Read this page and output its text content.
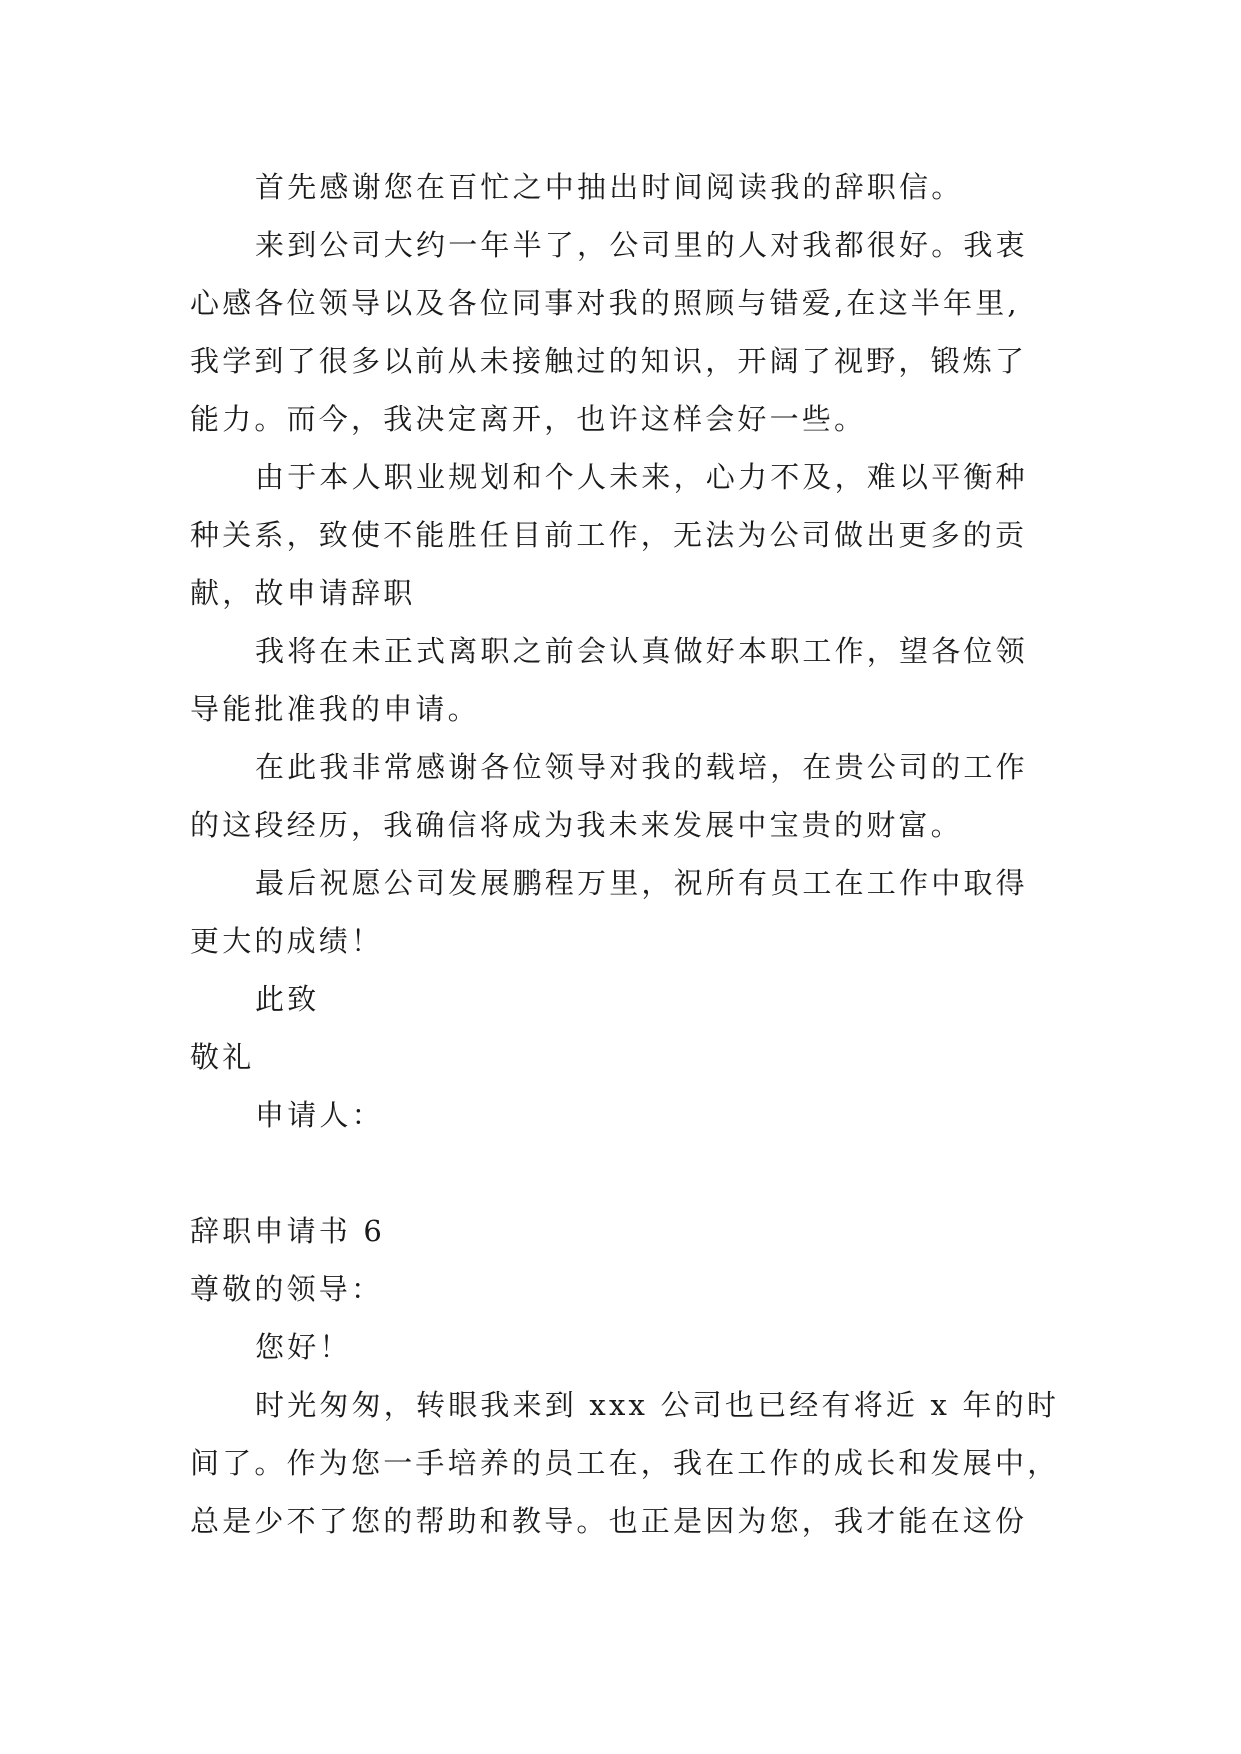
首先感谢您在百忙之中抽出时间阅读我的辞职信。
来到公司大约一年半了，公司里的人对我都很好。我衷
心感各位领导以及各位同事对我的照顾与错爱,在这半年里,
我学到了很多以前从未接触过的知识，开阔了视野，锻炼了
能力。而今，我决定离开，也许这样会好一些。
由于本人职业规划和个人未来，心力不及，难以平衡种
种关系，致使不能胜任目前工作，无法为公司做出更多的贡
献，故申请辞职
我将在未正式离职之前会认真做好本职工作，望各位领
导能批准我的申请。
在此我非常感谢各位领导对我的载培，在贵公司的工作
的这段经历，我确信将成为我未来发展中宝贵的财富。
最后祝愿公司发展鹏程万里，祝所有员工在工作中取得
更大的成绩！
此致
敬礼
申请人：
辞职申请书 6
尊敬的领导：
您好！
时光匆匆，转眼我来到 xxx 公司也已经有将近 x 年的时
间了。作为您一手培养的员工在，我在工作的成长和发展中，
总是少不了您的帮助和教导。也正是因为您，我才能在这份
